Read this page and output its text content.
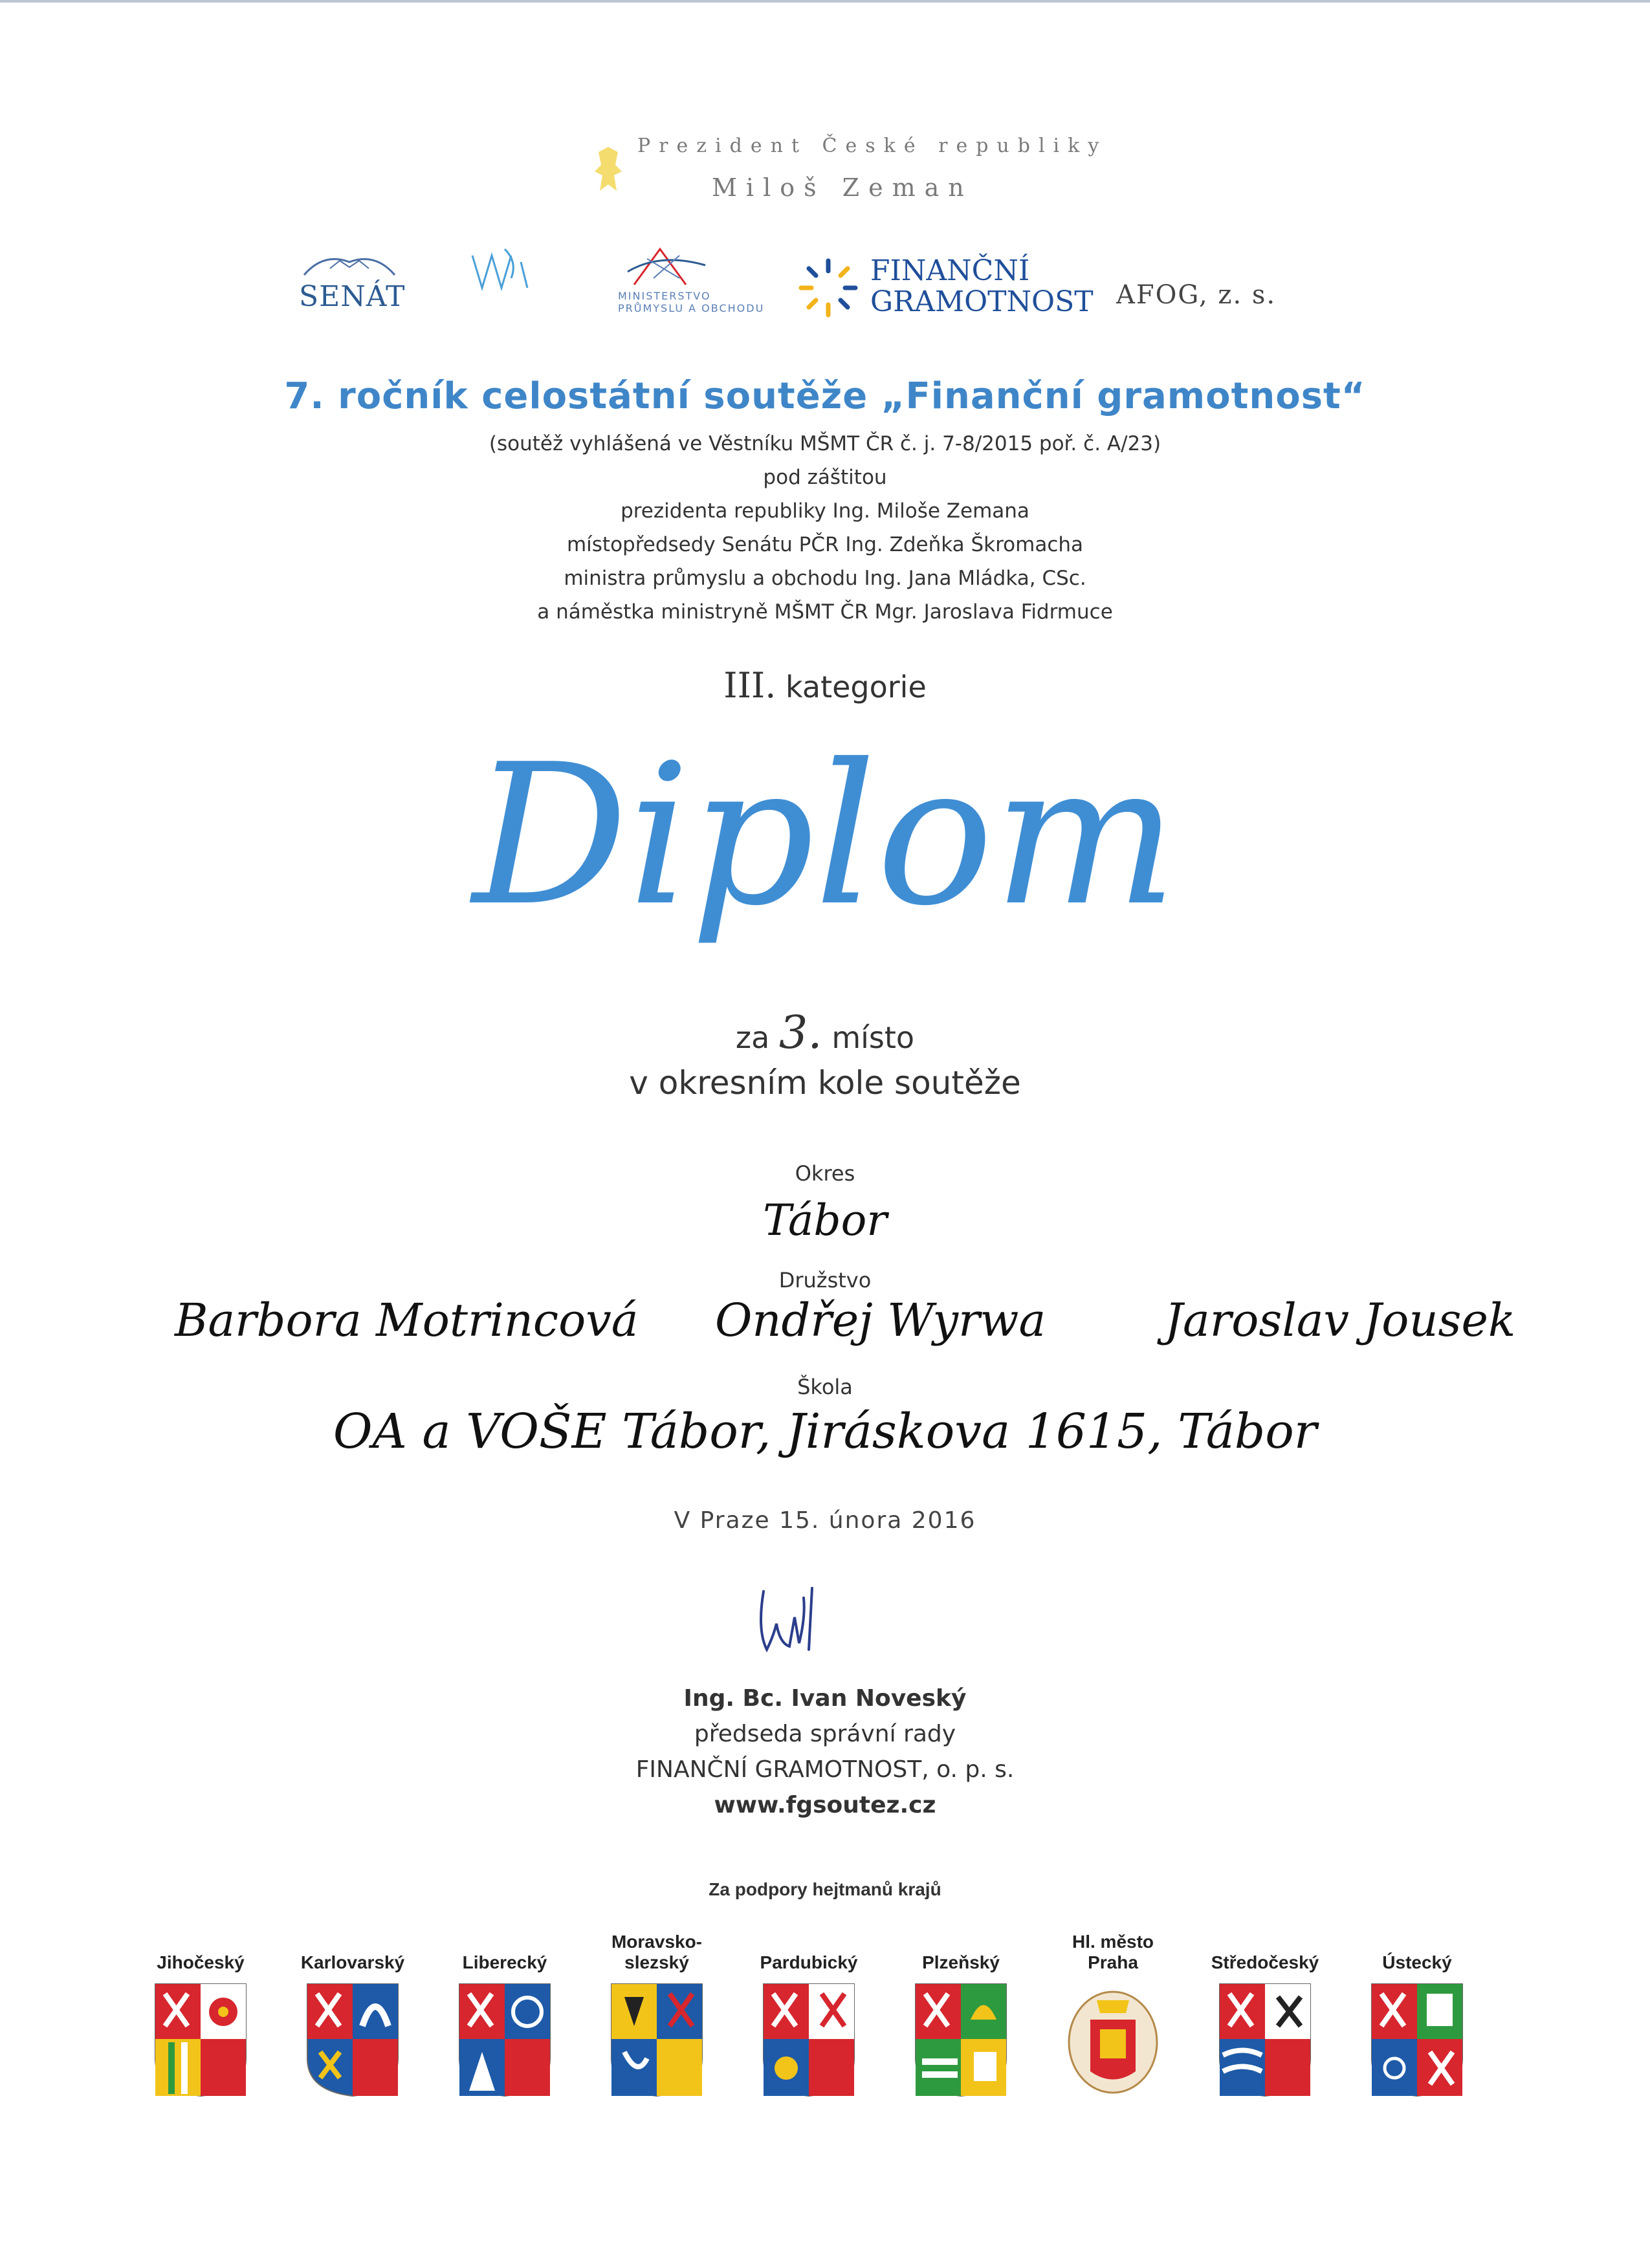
Prezident České republiky
Miloš Zeman
SENÁT	MINISTERSTVO
PRŮMYSLU A OBCHODU
FINANČNÍ
GRAMOTNOST AFOG, z. s.
7. ročník celostátní soutěže „Finanční gramotnost“
(soutěž vyhlášená ve Věstníku MŠMT ČR č. j. 7-8/2015 poř. č. A/23)
pod záštitou
prezidenta republiky Ing. Miloše Zemana
místopředsedy Senátu PČR Ing. Zdeňka Škromacha
ministra průmyslu a obchodu Ing. Jana Mládka, CSc.
a náměstka ministryně MŠMT ČR Mgr. Jaroslava Fidrmuce
III. kategorie
Diplom
za 3. místo
v okresním kole soutěže
Okres
Tábor
Družstvo
Barbora Motrincová Ondřej Wyrwa	Jaroslav Jousek
Škola
OA a VOŠE Tábor, Jiráskova 1615, Tábor
V Praze 15. února 2016
Ing. Bc. Ivan Noveský
předseda správní rady
FINANČNÍ GRAMOTNOST, o. p. s.
www.fgsoutez.cz
Za podpory hejtmanů krajů
Jihočeský	Karlovarský	Liberecký
Moravsko-
slezský	Pardubický	Plzeňský
Hl. město
Praha	Středočeský	Ústecký
